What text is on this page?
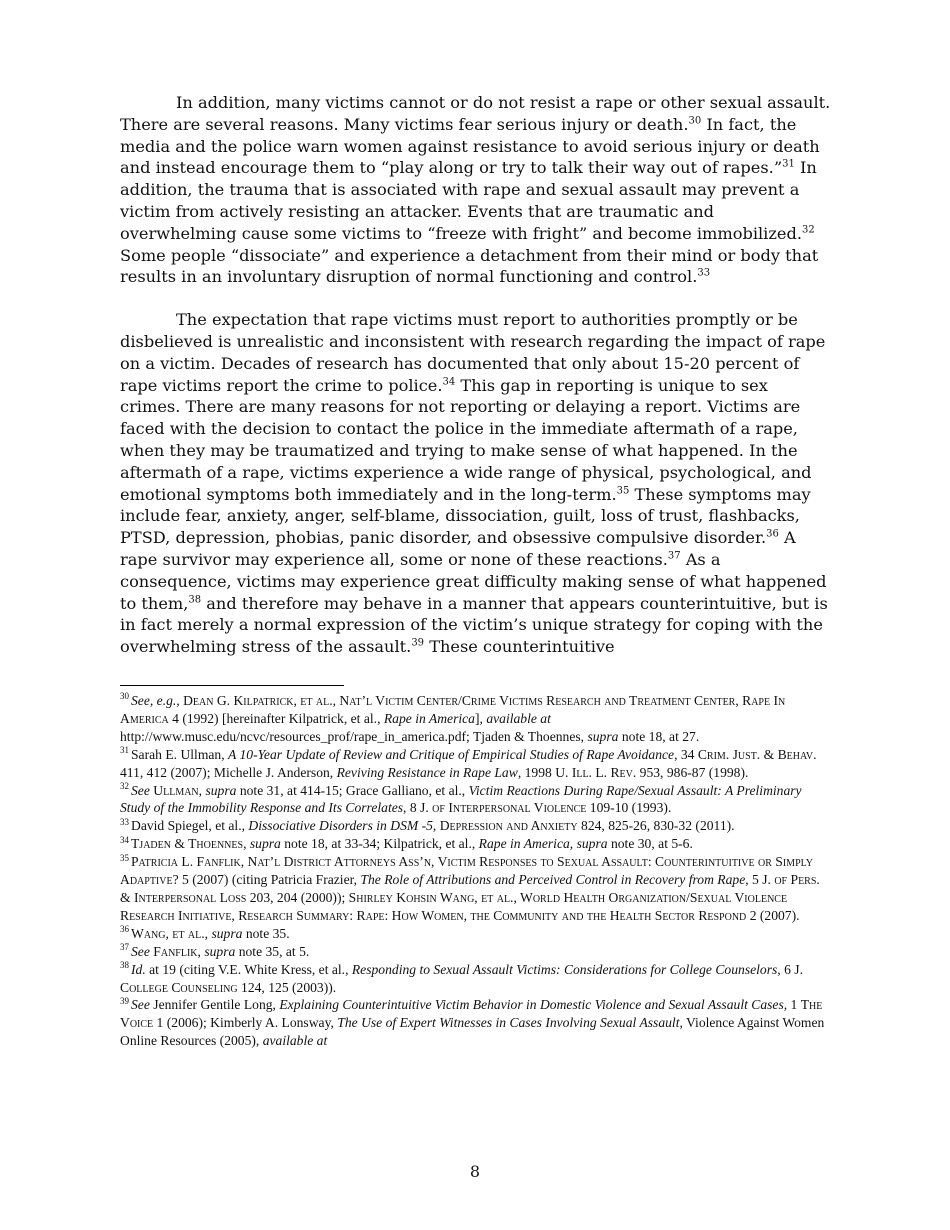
In addition, many victims cannot or do not resist a rape or other sexual assault. There are several reasons. Many victims fear serious injury or death.$^{30}$ In fact, the media and the police warn women against resistance to avoid serious injury or death and instead encourage them to “play along or try to talk their way out of rapes.”$^{31}$ In addition, the trauma that is associated with rape and sexual assault may prevent a victim from actively resisting an attacker. Events that are traumatic and overwhelming cause some victims to “freeze with fright” and become immobilized.$^{32}$ Some people “dissociate” and experience a detachment from their mind or body that results in an involuntary disruption of normal functioning and control.$^{33}$

The expectation that rape victims must report to authorities promptly or be disbelieved is unrealistic and inconsistent with research regarding the impact of rape on a victim. Decades of research has documented that only about 15-20 percent of rape victims report the crime to police.$^{34}$ This gap in reporting is unique to sex crimes. There are many reasons for not reporting or delaying a report. Victims are faced with the decision to contact the police in the immediate aftermath of a rape, when they may be traumatized and trying to make sense of what happened. In the aftermath of a rape, victims experience a wide range of physical, psychological, and emotional symptoms both immediately and in the long-term.$^{35}$ These symptoms may include fear, anxiety, anger, self-blame, dissociation, guilt, loss of trust, flashbacks, PTSD, depression, phobias, panic disorder, and obsessive compulsive disorder.$^{36}$ A rape survivor may experience all, some or none of these reactions.$^{37}$ As a consequence, victims may experience great difficulty making sense of what happened to them,$^{38}$ and therefore may behave in a manner that appears counterintuitive, but is in fact merely a normal expression of the victim’s unique strategy for coping with the overwhelming stress of the assault.$^{39}$ These counterintuitive

$^{30}$ See, e.g., Dean G. Kilpatrick, et al., Nat’l Victim Center/Crime Victims Research and Treatment Center, Rape In America 4 (1992) [hereinafter Kilpatrick, et al., Rape in America], available at http://www.musc.edu/ncvc/resources_prof/rape_in_america.pdf; Tjaden & Thoennes, supra note 18, at 27.

$^{31}$ Sarah E. Ullman, A 10-Year Update of Review and Critique of Empirical Studies of Rape Avoidance, 34 Crim. Just. & Behav. 411, 412 (2007); Michelle J. Anderson, Reviving Resistance in Rape Law, 1998 U. Ill. L. Rev. 953, 986-87 (1998).

$^{32}$ See Ullman, supra note 31, at 414-15; Grace Galliano, et al., Victim Reactions During Rape/Sexual Assault: A Preliminary Study of the Immobility Response and Its Correlates, 8 J. of Interpersonal Violence 109-10 (1993).

$^{33}$ David Spiegel, et al., Dissociative Disorders in DSM -5, Depression and Anxiety 824, 825-26, 830-32 (2011).

$^{34}$ Tjaden & Thoennes, supra note 18, at 33-34; Kilpatrick, et al., Rape in America, supra note 30, at 5-6.

$^{35}$ Patricia L. Fanflik, Nat’l District Attorneys Ass’n, Victim Responses to Sexual Assault: Counterintuitive or Simply Adaptive? 5 (2007) (citing Patricia Frazier, The Role of Attributions and Perceived Control in Recovery from Rape, 5 J. of Pers. & Interpersonal Loss 203, 204 (2000)); Shirley Kohsin Wang, et al., World Health Organization/Sexual Violence Research Initiative, Research Summary: Rape: How Women, the Community and the Health Sector Respond 2 (2007).

$^{36}$ Wang, et al., supra note 35.

$^{37}$ See Fanflik, supra note 35, at 5.

$^{38}$ Id. at 19 (citing V.E. White Kress, et al., Responding to Sexual Assault Victims: Considerations for College Counselors, 6 J. College Counseling 124, 125 (2003)).

$^{39}$ See Jennifer Gentile Long, Explaining Counterintuitive Victim Behavior in Domestic Violence and Sexual Assault Cases, 1 The Voice 1 (2006); Kimberly A. Lonsway, The Use of Expert Witnesses in Cases Involving Sexual Assault, Violence Against Women Online Resources (2005), available at

8
